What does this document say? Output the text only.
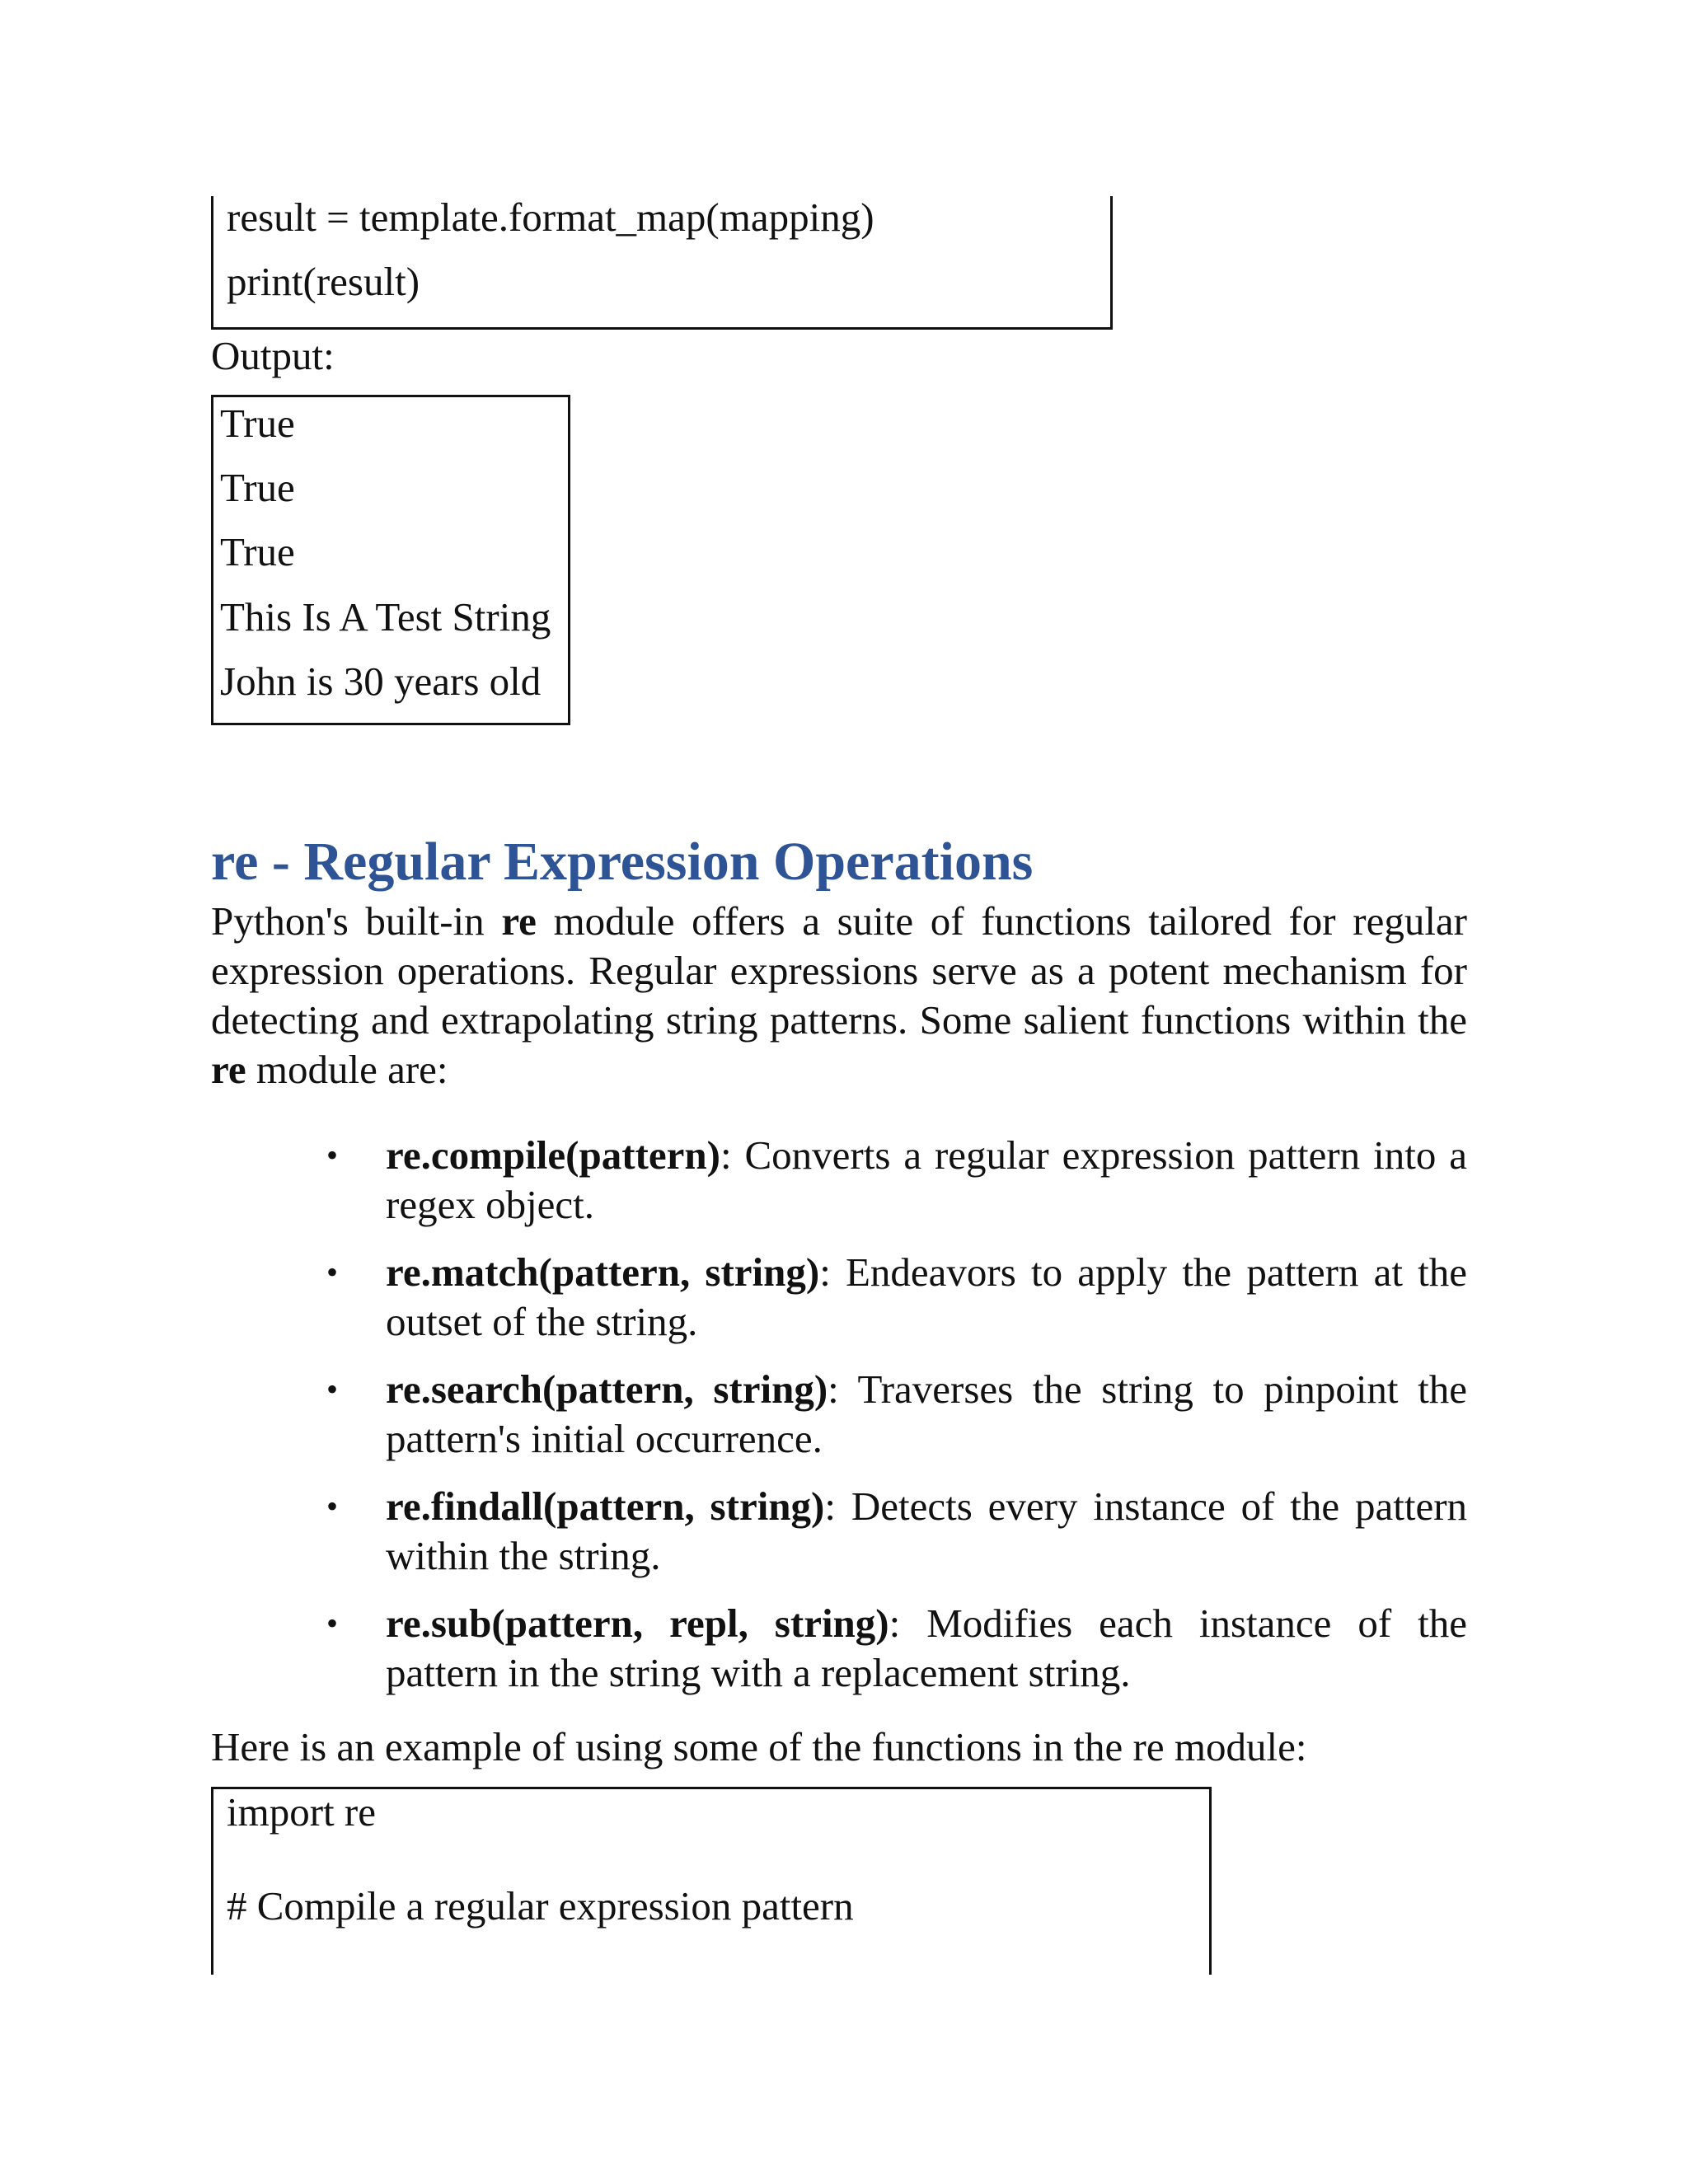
result = template.format_map(mapping)
print(result)
Output:
True
True
True
This Is A Test String
John is 30 years old
re - Regular Expression Operations

Python's built-in re module offers a suite of functions tailored for regular expression operations. Regular expressions serve as a potent mechanism for detecting and extrapolating string patterns. Some salient functions within the re module are:

• re.compile(pattern): Converts a regular expression pattern into a regex object.
• re.match(pattern, string): Endeavors to apply the pattern at the outset of the string.
• re.search(pattern, string): Traverses the string to pinpoint the pattern's initial occurrence.
• re.findall(pattern, string): Detects every instance of the pattern within the string.
• re.sub(pattern, repl, string): Modifies each instance of the pattern in the string with a replacement string.
Here is an example of using some of the functions in the re module:
import re
# Compile a regular expression pattern
